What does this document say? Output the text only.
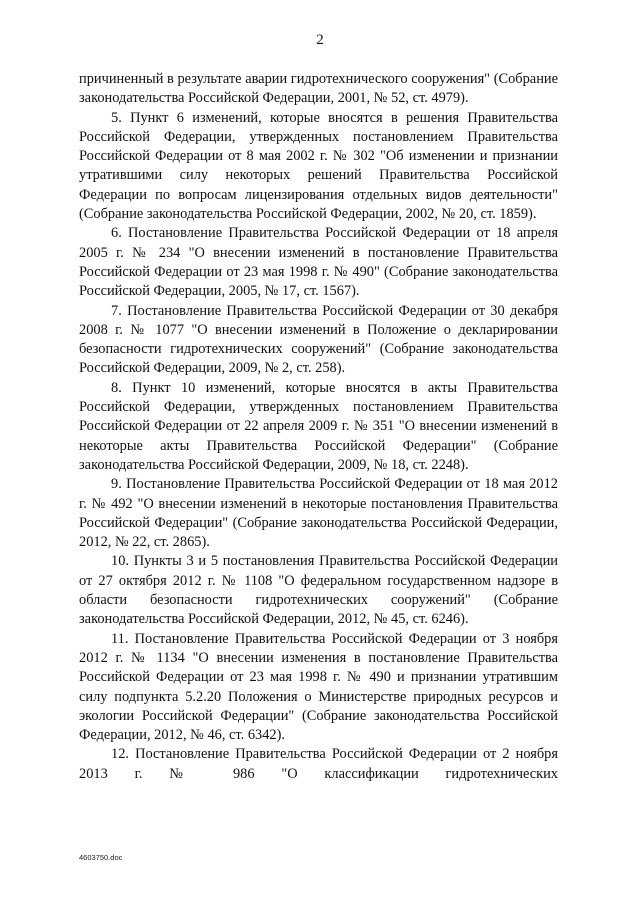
2

причиненный в результате аварии гидротехнического сооружения" (Собрание законодательства Российской Федерации, 2001, № 52, ст. 4979).

5. Пункт 6 изменений, которые вносятся в решения Правительства Российской Федерации, утвержденных постановлением Правительства Российской Федерации от 8 мая 2002 г. № 302 "Об изменении и признании утратившими силу некоторых решений Правительства Российской Федерации по вопросам лицензирования отдельных видов деятельности" (Собрание законодательства Российской Федерации, 2002, № 20, ст. 1859).

6. Постановление Правительства Российской Федерации от 18 апреля 2005 г. № 234 "О внесении изменений в постановление Правительства Российской Федерации от 23 мая 1998 г. № 490" (Собрание законодательства Российской Федерации, 2005, № 17, ст. 1567).

7. Постановление Правительства Российской Федерации от 30 декабря 2008 г. № 1077 "О внесении изменений в Положение о декларировании безопасности гидротехнических сооружений" (Собрание законодательства Российской Федерации, 2009, № 2, ст. 258).

8. Пункт 10 изменений, которые вносятся в акты Правительства Российской Федерации, утвержденных постановлением Правительства Российской Федерации от 22 апреля 2009 г. № 351 "О внесении изменений в некоторые акты Правительства Российской Федерации" (Собрание законодательства Российской Федерации, 2009, № 18, ст. 2248).

9. Постановление Правительства Российской Федерации от 18 мая 2012 г. № 492 "О внесении изменений в некоторые постановления Правительства Российской Федерации" (Собрание законодательства Российской Федерации, 2012, № 22, ст. 2865).

10. Пункты 3 и 5 постановления Правительства Российской Федерации от 27 октября 2012 г. № 1108 "О федеральном государственном надзоре в области безопасности гидротехнических сооружений" (Собрание законодательства Российской Федерации, 2012, № 45, ст. 6246).

11. Постановление Правительства Российской Федерации от 3 ноября 2012 г. № 1134 "О внесении изменения в постановление Правительства Российской Федерации от 23 мая 1998 г. № 490 и признании утратившим силу подпункта 5.2.20 Положения о Министерстве природных ресурсов и экологии Российской Федерации" (Собрание законодательства Российской Федерации, 2012, № 46, ст. 6342).

12. Постановление Правительства Российской Федерации от 2 ноября 2013 г. № 986 "О классификации гидротехнических

4603750.doc
